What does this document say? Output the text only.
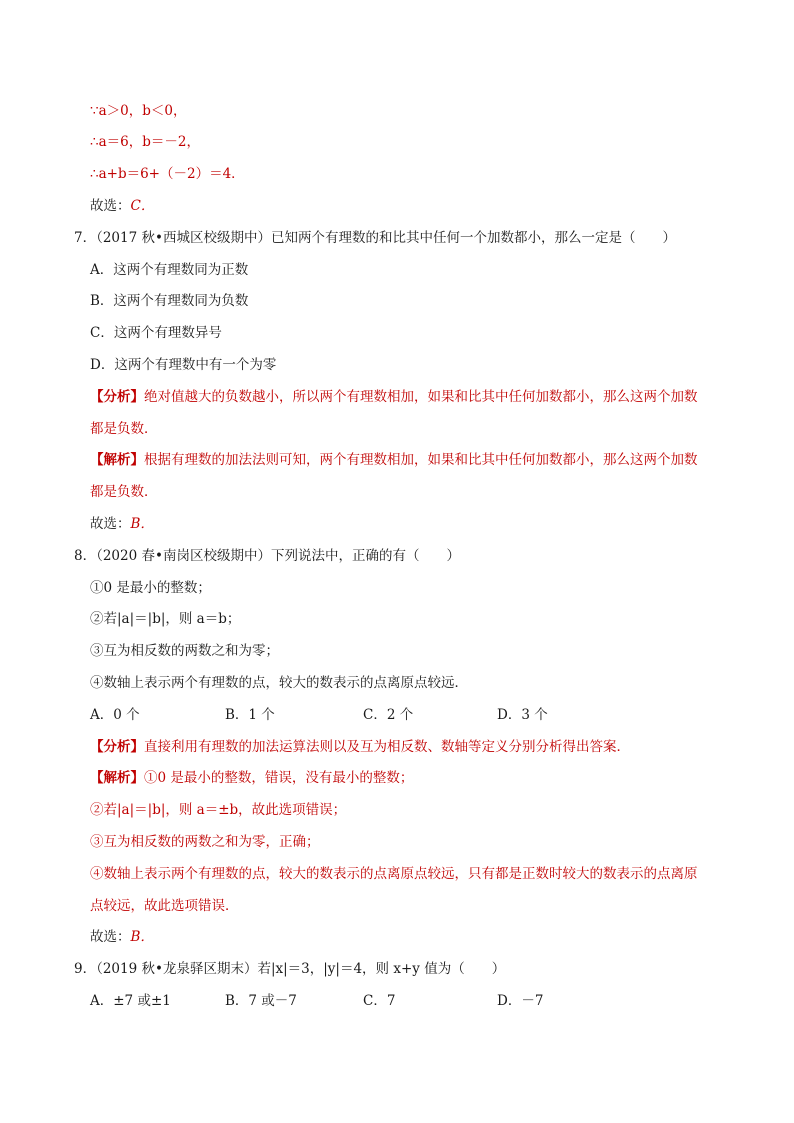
∵a＞0，b＜0，
∴a＝6，b＝－2，
∴a+b＝6+（－2）＝4．
故选：C．
7．（2017 秋•西城区校级期中）已知两个有理数的和比其中任何一个加数都小，那么一定是（　　）
A．这两个有理数同为正数
B．这两个有理数同为负数
C．这两个有理数异号
D．这两个有理数中有一个为零
【分析】绝对值越大的负数越小，所以两个有理数相加，如果和比其中任何加数都小，那么这两个加数
都是负数．
【解析】根据有理数的加法法则可知，两个有理数相加，如果和比其中任何加数都小，那么这两个加数
都是负数．
故选：B．
8．（2020 春•南岗区校级期中）下列说法中，正确的有（　　）
①0 是最小的整数；
②若|a|＝|b|，则 a＝b；
③互为相反数的两数之和为零；
④数轴上表示两个有理数的点，较大的数表示的点离原点较远．
A．0 个	B．1 个	C．2 个	D．3 个
【分析】直接利用有理数的加法运算法则以及互为相反数、数轴等定义分别分析得出答案．
【解析】①0 是最小的整数，错误，没有最小的整数；
②若|a|＝|b|，则 a＝±b，故此选项错误；
③互为相反数的两数之和为零，正确；
④数轴上表示两个有理数的点，较大的数表示的点离原点较远，只有都是正数时较大的数表示的点离原
点较远，故此选项错误．
故选：B．
9．（2019 秋•龙泉驿区期末）若|x|＝3，|y|＝4，则 x+y 值为（　　）
A．±7 或±1	B．7 或－7	C．7	D．－7
